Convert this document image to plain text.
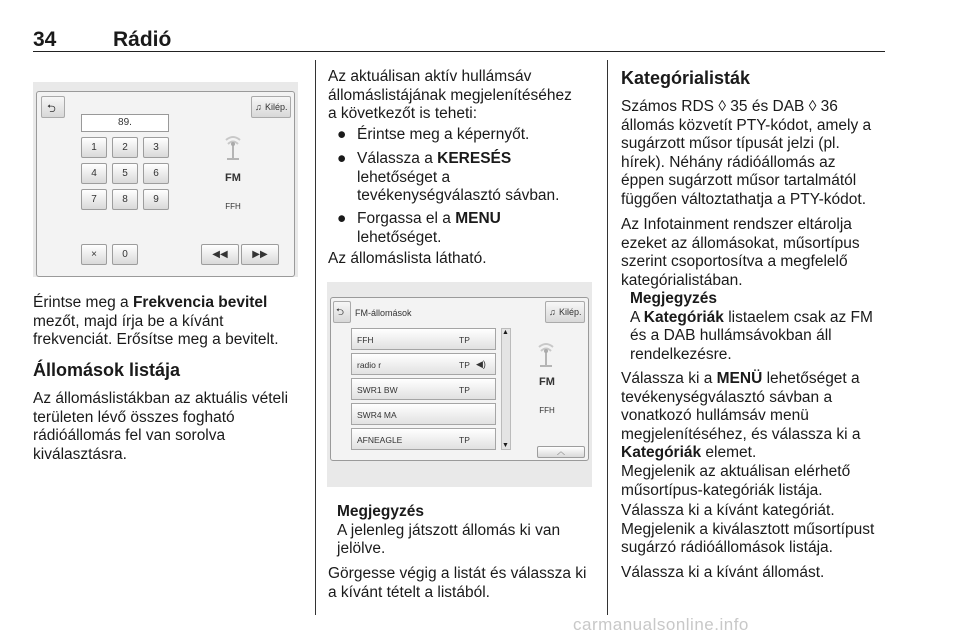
34	Rádió
⮌	♫ Kilép.
89.
1	2	3
4	5	6
7	8	9
×	0
FM
FFH
◀◀	▶▶
Érintse meg a Frekvencia bevitel
mezőt, majd írja be a kívánt
frekvenciát. Erősítse meg a bevitelt.
Állomások listája
Az állomáslistákban az aktuális vételi
területen lévő összes fogható
rádióállomás fel van sorolva
kiválasztásra.
Az aktuálisan aktív hullámsáv
állomáslistájának megjelenítéséhez
a következőt is teheti:
● Érintse meg a képernyőt.
● Válassza a KERESÉS
lehetőséget a
tevékenységválasztó sávban.
● Forgassa el a MENU
lehetőséget.
Az állomáslista látható.
⮌ FM-állomások	♫ Kilép.
FFH	TP
radio r	TP ◀)
SWR1 BW	TP
SWR4 MA
AFNEAGLE	TP
▲
▼
FM
FFH
︿
Megjegyzés
A jelenleg játszott állomás ki van
jelölve.
Görgesse végig a listát és válassza ki
a kívánt tételt a listából.
Kategórialisták
Számos RDS ◊ 35 és DAB ◊ 36
állomás közvetít PTY-kódot, amely a
sugárzott műsor típusát jelzi (pl.
hírek). Néhány rádióállomás az
éppen sugárzott műsor tartalmától
függően változtathatja a PTY-kódot.
Az Infotainment rendszer eltárolja
ezeket az állomásokat, műsortípus
szerint csoportosítva a megfelelő
kategórialistában.
Megjegyzés
A Kategóriák listaelem csak az FM
és a DAB hullámsávokban áll
rendelkezésre.
Válassza ki a MENÜ lehetőséget a
tevékenységválasztó sávban a
vonatkozó hullámsáv menü
megjelenítéséhez, és válassza ki a
Kategóriák elemet.
Megjelenik az aktuálisan elérhető
műsortípus-kategóriák listája.
Válassza ki a kívánt kategóriát.
Megjelenik a kiválasztott műsortípust
sugárzó rádióállomások listája.
Válassza ki a kívánt állomást.
carmanualsonline.info
